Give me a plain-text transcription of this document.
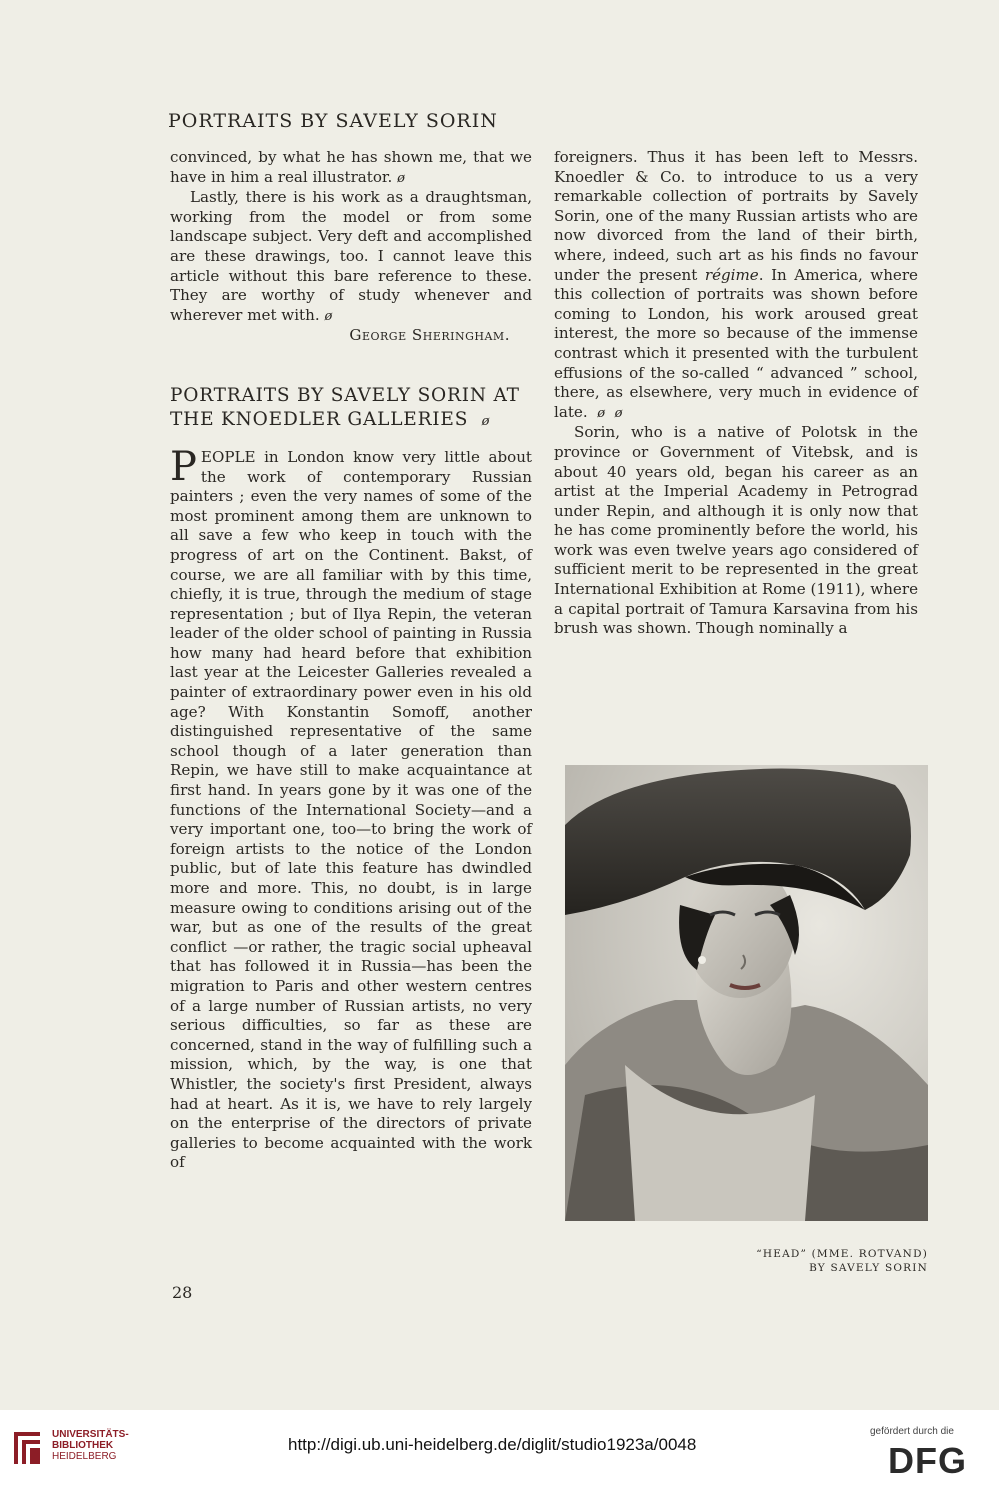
PORTRAITS BY SAVELY SORIN

convinced, by what he has shown me, that we have in him a real illustrator. ø

Lastly, there is his work as a draughtsman, working from the model or from some landscape subject. Very deft and accomplished are these drawings, too. I cannot leave this article without this bare reference to these. They are worthy of study whenever and wherever met with. ø

George Sheringham.

PORTRAITS BY SAVELY SORIN AT THE KNOEDLER GALLERIES ø

PEOPLE in London know very little about the work of contemporary Russian painters ; even the very names of some of the most prominent among them are unknown to all save a few who keep in touch with the progress of art on the Continent. Bakst, of course, we are all familiar with by this time, chiefly, it is true, through the medium of stage representation ; but of Ilya Repin, the veteran leader of the older school of painting in Russia how many had heard before that exhibition last year at the Leicester Galleries revealed a painter of extraordinary power even in his old age? With Konstantin Somoff, another distinguished representative of the same school though of a later generation than Repin, we have still to make acquaintance at first hand. In years gone by it was one of the functions of the International Society—and a very important one, too—to bring the work of foreign artists to the notice of the London public, but of late this feature has dwindled more and more. This, no doubt, is in large measure owing to conditions arising out of the war, but as one of the results of the great conflict —or rather, the tragic social upheaval that has followed it in Russia—has been the migration to Paris and other western centres of a large number of Russian artists, no very serious difficulties, so far as these are concerned, stand in the way of fulfilling such a mission, which, by the way, is one that Whistler, the society's first President, always had at heart. As it is, we have to rely largely on the enterprise of the directors of private galleries to become acquainted with the work of

foreigners. Thus it has been left to Messrs. Knoedler & Co. to introduce to us a very remarkable collection of portraits by Savely Sorin, one of the many Russian artists who are now divorced from the land of their birth, where, indeed, such art as his finds no favour under the present régime. In America, where this collection of portraits was shown before coming to London, his work aroused great interest, the more so because of the immense contrast which it presented with the turbulent effusions of the so-called “ advanced ” school, there, as elsewhere, very much in evidence of late. ø ø

Sorin, who is a native of Polotsk in the province or Government of Vitebsk, and is about 40 years old, began his career as an artist at the Imperial Academy in Petrograd under Repin, and although it is only now that he has come prominently before the world, his work was even twelve years ago considered of sufficient merit to be represented in the great International Exhibition at Rome (1911), where a capital portrait of Tamura Karsavina from his brush was shown. Though nominally a

“HEAD” (MME. ROTVAND)
BY SAVELY SORIN
28
UNIVERSITÄTS-
BIBLIOTHEK
HEIDELBERG
http://digi.ub.uni-heidelberg.de/diglit/studio1923a/0048
gefördert durch die
DFG
